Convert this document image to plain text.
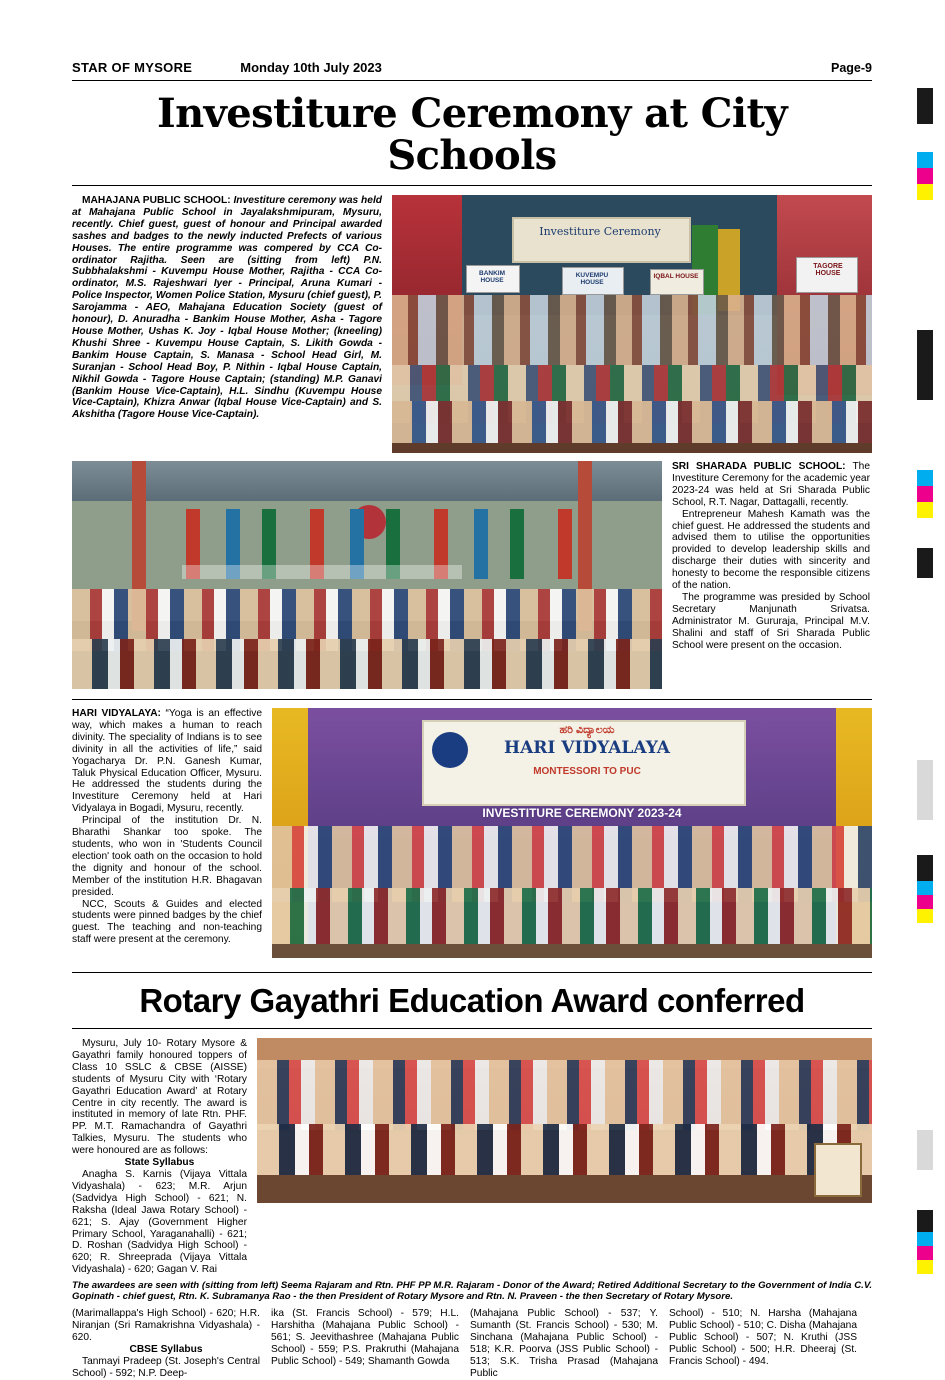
STAR OF MYSORE	Monday 10th July 2023	Page-9
Investiture Ceremony at City Schools

MAHAJANA PUBLIC SCHOOL: Investiture ceremony was held at Mahajana Public School in Jayalakshmipuram, Mysuru, recently. Chief guest, guest of honour and Principal awarded sashes and badges to the newly inducted Prefects of various Houses. The entire programme was compered by CCA Co-ordinator Rajitha. Seen are (sitting from left) P.N. Subbhalakshmi - Kuvempu House Mother, Rajitha - CCA Co-ordinator, M.S. Rajeshwari Iyer - Principal, Aruna Kumari - Police Inspector, Women Police Station, Mysuru (chief guest), P. Sarojamma - AEO, Mahajana Education Society (guest of honour), D. Anuradha - Bankim House Mother, Asha - Tagore House Mother, Ushas K. Joy - Iqbal House Mother; (kneeling) Khushi Shree - Kuvempu House Captain, S. Likith Gowda - Bankim House Captain, S. Manasa - School Head Girl, M. Suranjan - School Head Boy, P. Nithin - Iqbal House Captain, Nikhil Gowda - Tagore House Captain; (standing) M.P. Ganavi (Bankim House Vice-Captain), H.L. Sindhu (Kuvempu House Vice-Captain), Khizra Anwar (Iqbal House Vice-Captain) and S. Akshitha (Tagore House Vice-Captain).

Investiture Ceremony
TAGORE HOUSE
BANKIM HOUSE
KUVEMPU HOUSE
IQBAL HOUSE

SRI SHARADA PUBLIC SCHOOL: The Investiture Ceremony for the academic year 2023-24 was held at Sri Sharada Public School, R.T. Nagar, Dattagalli, recently.

Entrepreneur Mahesh Kamath was the chief guest. He addressed the students and advised them to utilise the opportunities provided to develop leadership skills and discharge their duties with sincerity and honesty to become the responsible citizens of the nation.

The programme was presided by School Secretary Manjunath Srivatsa. Administrator M. Gururaja, Principal M.V. Shalini and staff of Sri Sharada Public School were present on the occasion.

HARI VIDYALAYA: “Yoga is an effective way, which makes a human to reach divinity. The speciality of Indians is to see divinity in all the activities of life,” said Yogacharya Dr. P.N. Ganesh Kumar, Taluk Physical Education Officer, Mysuru. He addressed the students during the Investiture Ceremony held at Hari Vidyalaya in Bogadi, Mysuru, recently.

Principal of the institution Dr. N. Bharathi Shankar too spoke. The students, who won in 'Students Council election' took oath on the occasion to hold the dignity and honour of the school. Member of the institution H.R. Bhagavan presided.

NCC, Scouts & Guides and elected students were pinned badges by the chief guest. The teaching and non-teaching staff were present at the ceremony.

ಹರಿ ವಿದ್ಯಾಲಯ
HARI VIDYALAYA
MONTESSORI TO PUC
INVESTITURE CEREMONY 2023-24
Rotary Gayathri Education Award conferred

Mysuru, July 10- Rotary Mysore & Gayathri family honoured toppers of Class 10 SSLC & CBSE (AISSE) students of Mysuru City with ‘Rotary Gayathri Education Award’ at Rotary Centre in city recently. The award is instituted in memory of late Rtn. PHF. PP. M.T. Ramachandra of Gayathri Talkies, Mysuru. The students who were honoured are as follows:

State Syllabus

Anagha S. Karnis (Vijaya Vittala Vidyashala) - 623; M.R. Arjun (Sadvidya High School) - 621; N. Raksha (Ideal Jawa Rotary School) - 621; S. Ajay (Government Higher Primary School, Yaraganahalli) - 621; D. Roshan (Sadvidya High School) - 620; R. Shreeprada (Vijaya Vittala Vidyashala) - 620; Gagan V. Rai

The awardees are seen with (sitting from left) Seema Rajaram and Rtn. PHF PP M.R. Rajaram - Donor of the Award; Retired Additional Secretary to the Government of India C.V. Gopinath - chief guest, Rtn. K. Subramanya Rao - the then President of Rotary Mysore and Rtn. N. Praveen - the then Secretary of Rotary Mysore.

(Marimallappa's High School) - 620; H.R. Niranjan (Sri Ramakrishna Vidyashala) - 620.

CBSE Syllabus

Tanmayi Pradeep (St. Joseph's Central School) - 592; N.P. Deep-

ika (St. Francis School) - 579; H.L. Harshitha (Mahajana Public School) - 561; S. Jeevithashree (Mahajana Public School) - 559; P.S. Prakruthi (Mahajana Public School) - 549; Shamanth Gowda

(Mahajana Public School) - 537; Y. Sumanth (St. Francis School) - 530; M. Sinchana (Mahajana Public School) - 518; K.R. Poorva (JSS Public School) - 513; S.K. Trisha Prasad (Mahajana Public

School) - 510; N. Harsha (Mahajana Public School) - 510; C. Disha (Mahajana Public School) - 507; N. Kruthi (JSS Public School) - 500; H.R. Dheeraj (St. Francis School) - 494.
